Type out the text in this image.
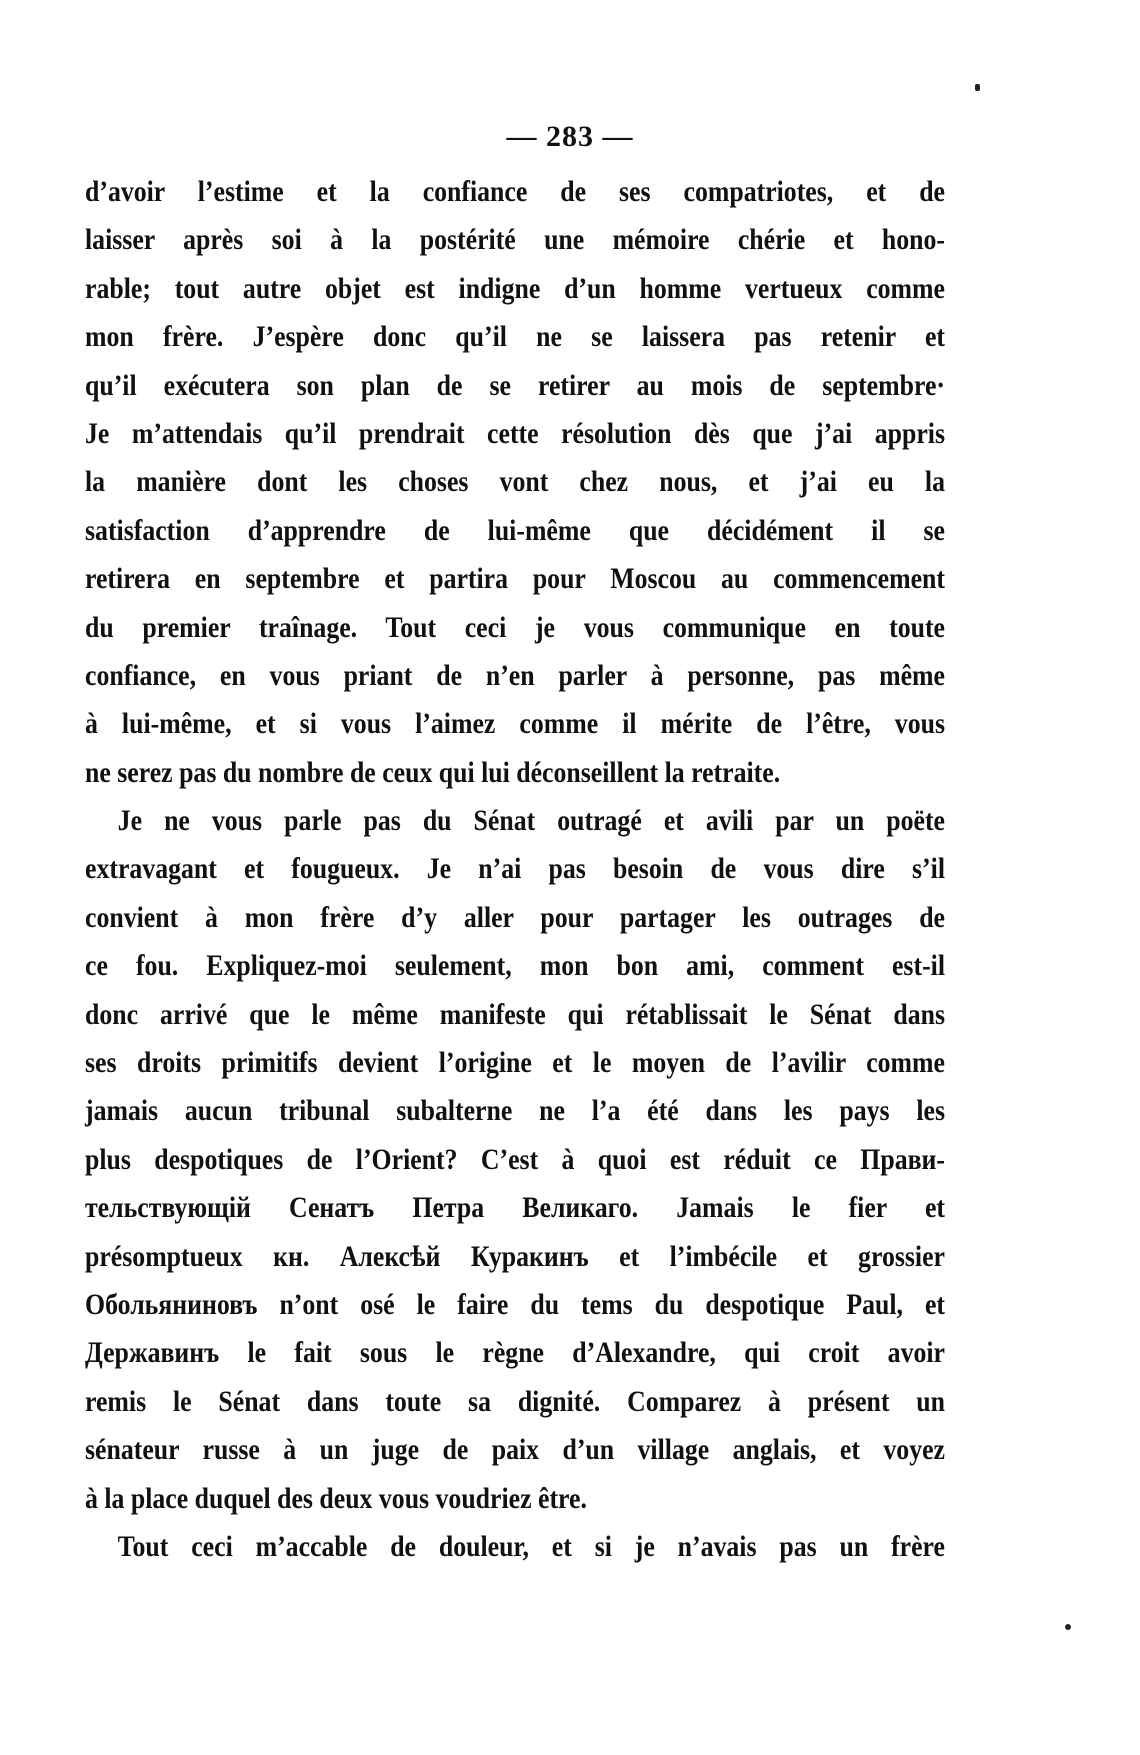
— 283 —
d’avoir l’estime et la confiance de ses compatriotes, et de
laisser après soi à la postérité une mémoire chérie et hono-
rable; tout autre objet est indigne d’un homme vertueux comme
mon frère. J’espère donc qu’il ne se laissera pas retenir et
qu’il exécutera son plan de se retirer au mois de septembre·
Je m’attendais qu’il prendrait cette résolution dès que j’ai appris
la manière dont les choses vont chez nous, et j’ai eu la
satisfaction d’apprendre de lui-même que décidément il se
retirera en septembre et partira pour Moscou au commencement
du premier traînage. Tout ceci je vous communique en toute
confiance, en vous priant de n’en parler à personne, pas même
à lui-même, et si vous l’aimez comme il mérite de l’être, vous
ne serez pas du nombre de ceux qui lui déconseillent la retraite.
Je ne vous parle pas du Sénat outragé et avili par un poëte
extravagant et fougueux. Je n’ai pas besoin de vous dire s’il
convient à mon frère d’y aller pour partager les outrages de
ce fou. Expliquez-moi seulement, mon bon ami, comment est-il
donc arrivé que le même manifeste qui rétablissait le Sénat dans
ses droits primitifs devient l’origine et le moyen de l’avilir comme
jamais aucun tribunal subalterne ne l’a été dans les pays les
plus despotiques de l’Orient? C’est à quoi est réduit ce Прави-
тельствующій Сенатъ Петра Великаго. Jamais le fier et
présomptueux кн. Алексѣй Куракинъ et l’imbécile et grossier
Обольяниновъ n’ont osé le faire du tems du despotique Paul, et
Державинъ le fait sous le règne d’Alexandre, qui croit avoir
remis le Sénat dans toute sa dignité. Comparez à présent un
sénateur russe à un juge de paix d’un village anglais, et voyez
à la place duquel des deux vous voudriez être.
Tout ceci m’accable de douleur, et si je n’avais pas un frère
